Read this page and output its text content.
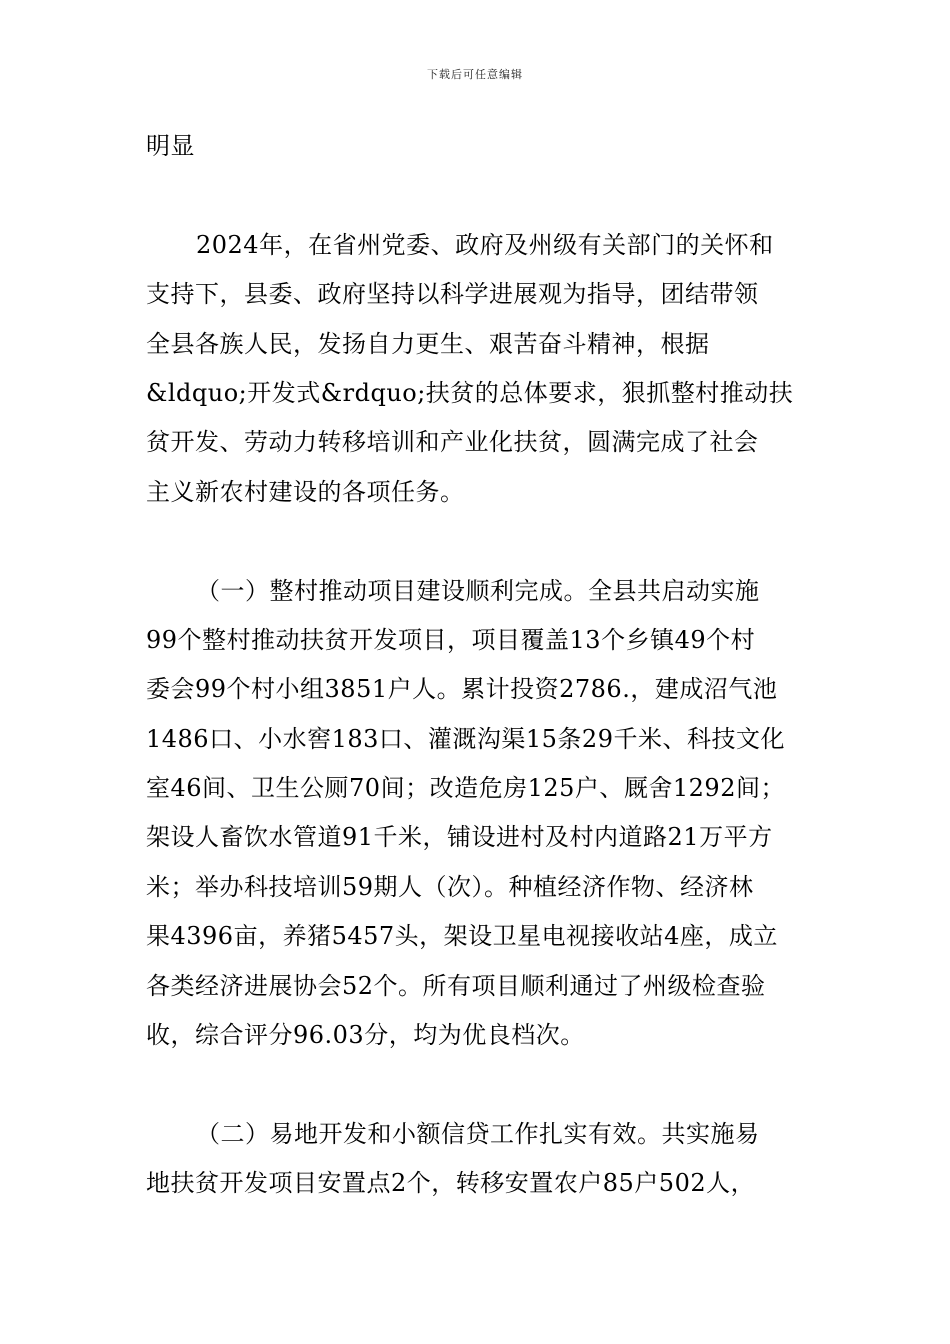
下载后可任意编辑
明显
2024年，在省州党委、政府及州级有关部门的关怀和
支持下，县委、政府坚持以科学进展观为指导，团结带领
全县各族人民，发扬自力更生、艰苦奋斗精神，根据
&ldquo;开发式&rdquo;扶贫的总体要求，狠抓整村推动扶
贫开发、劳动力转移培训和产业化扶贫，圆满完成了社会
主义新农村建设的各项任务。
（一）整村推动项目建设顺利完成。全县共启动实施
99个整村推动扶贫开发项目，项目覆盖13个乡镇49个村
委会99个村小组3851户人。累计投资2786.，建成沼气池
1486口、小水窖183口、灌溉沟渠15条29千米、科技文化
室46间、卫生公厕70间；改造危房125户、厩舍1292间；
架设人畜饮水管道91千米，铺设进村及村内道路21万平方
米；举办科技培训59期人（次）。种植经济作物、经济林
果4396亩，养猪5457头，架设卫星电视接收站4座，成立
各类经济进展协会52个。所有项目顺利通过了州级检查验
收，综合评分96.03分，均为优良档次。
（二）易地开发和小额信贷工作扎实有效。共实施易
地扶贫开发项目安置点2个，转移安置农户85户502人，
